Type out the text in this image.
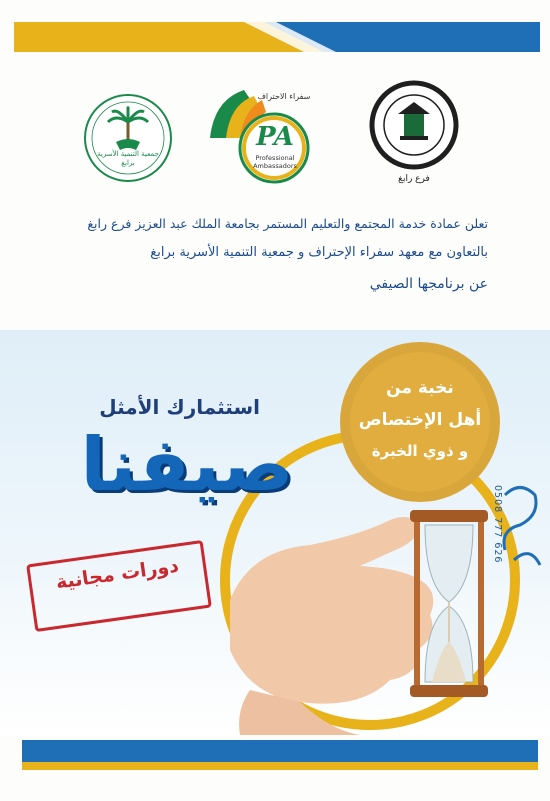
جمعية التنمية الأسرية برابغ
سفراء الاحتراف
PA
Professional
Ambassadors
فرع رابغ
تعلن عمادة خدمة المجتمع والتعليم المستمر بجامعة الملك عبد العزيز فرع رابغ
بالتعاون مع معهد سفراء الإحتراف و جمعية التنمية الأسرية برابغ
عن برنامجها الصيفي
استثمارك الأمثل
صيفنا
دورات مجانية
نخبة من
أهل الإختصاص
و ذوي الخبرة
0508 777 626
